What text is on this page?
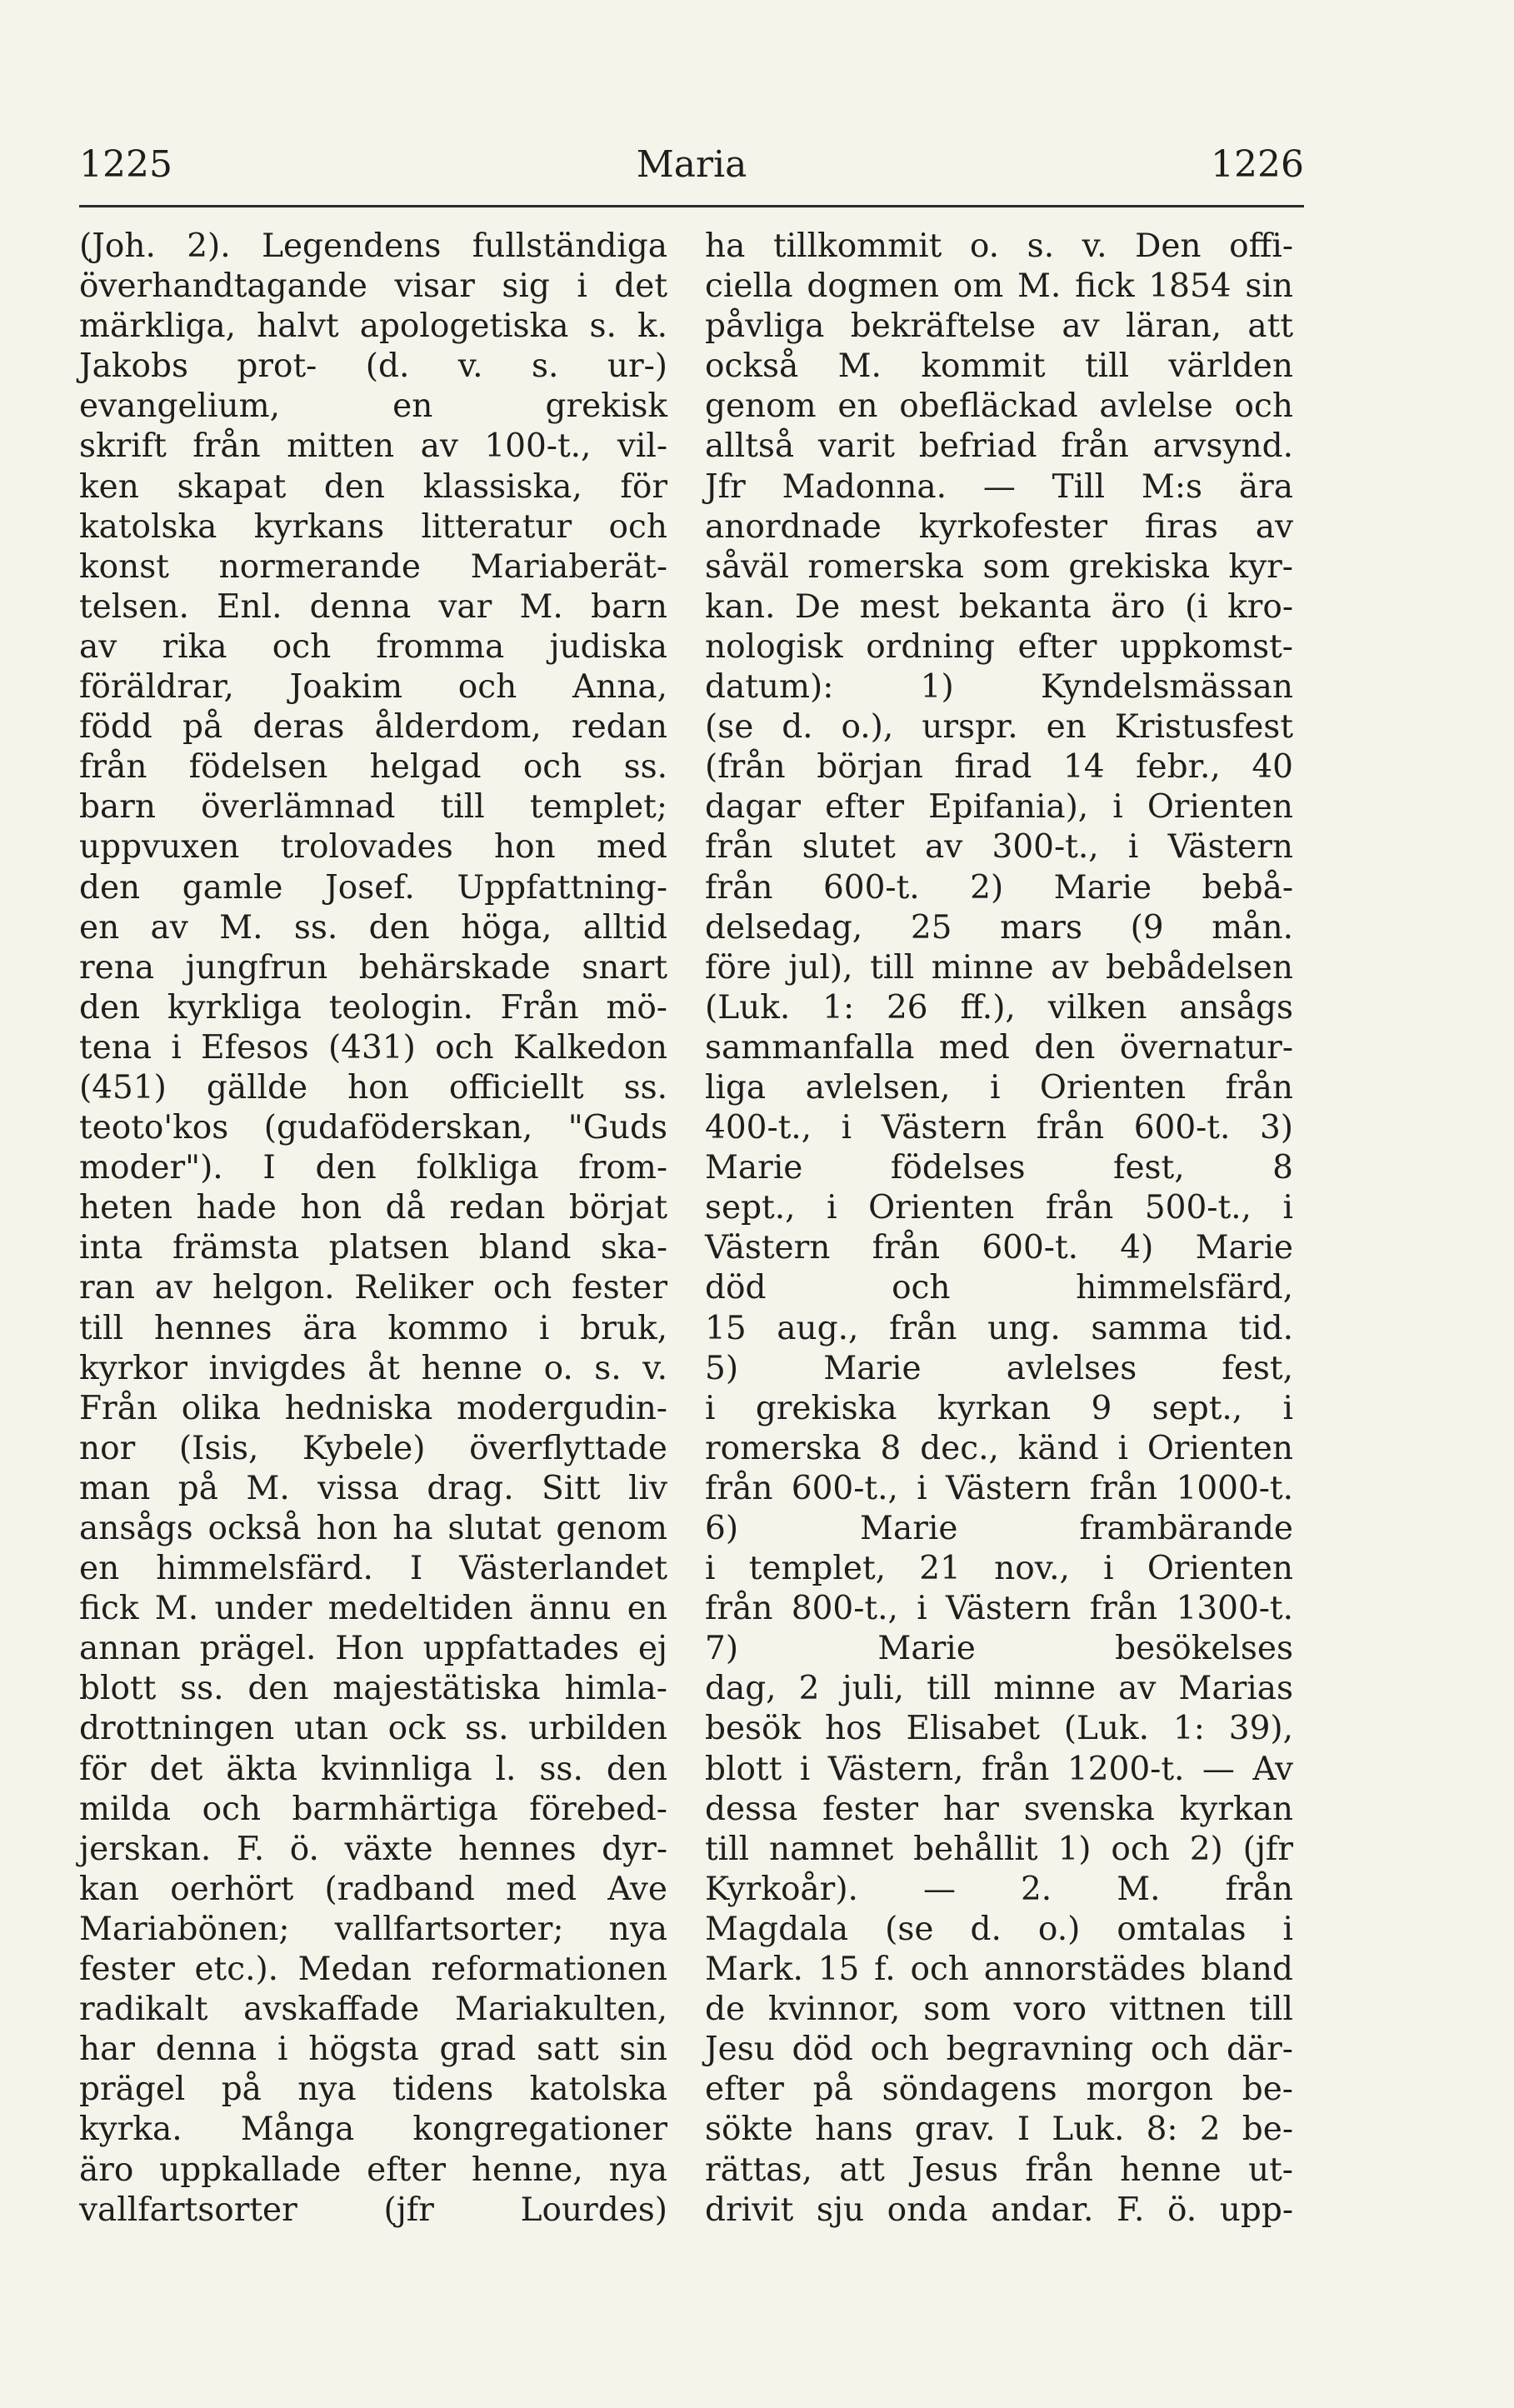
1225	Maria	1226
(Joh. 2). Legendens fullständiga
överhandtagande visar sig i det
märkliga, halvt apologetiska s. k.
Jakobs prot- (d. v. s. ur-)
evangelium, en grekisk
skrift från mitten av 100-t., vil-
ken skapat den klassiska, för
katolska kyrkans litteratur och
konst normerande Mariaberät-
telsen. Enl. denna var M. barn
av rika och fromma judiska
föräldrar, Joakim och Anna,
född på deras ålderdom, redan
från födelsen helgad och ss.
barn överlämnad till templet;
uppvuxen trolovades hon med
den gamle Josef. Uppfattning-
en av M. ss. den höga, alltid
rena jungfrun behärskade snart
den kyrkliga teologin. Från mö-
tena i Efesos (431) och Kalkedon
(451) gällde hon officiellt ss.
teoto'kos (gudaföderskan, "Guds
moder"). I den folkliga from-
heten hade hon då redan börjat
inta främsta platsen bland ska-
ran av helgon. Reliker och fester
till hennes ära kommo i bruk,
kyrkor invigdes åt henne o. s. v.
Från olika hedniska modergudin-
nor (Isis, Kybele) överflyttade
man på M. vissa drag. Sitt liv
ansågs också hon ha slutat genom
en himmelsfärd. I Västerlandet
fick M. under medeltiden ännu en
annan prägel. Hon uppfattades ej
blott ss. den majestätiska himla-
drottningen utan ock ss. urbilden
för det äkta kvinnliga l. ss. den
milda och barmhärtiga förebed-
jerskan. F. ö. växte hennes dyr-
kan oerhört (radband med Ave
Mariabönen; vallfartsorter; nya
fester etc.). Medan reformationen
radikalt avskaffade Mariakulten,
har denna i högsta grad satt sin
prägel på nya tidens katolska
kyrka. Många kongregationer
äro uppkallade efter henne, nya
vallfartsorter (jfr Lourdes)
ha tillkommit o. s. v. Den offi-
ciella dogmen om M. fick 1854 sin
påvliga bekräftelse av läran, att
också M. kommit till världen
genom en obefläckad avlelse och
alltså varit befriad från arvsynd.
Jfr Madonna. — Till M:s ära
anordnade kyrkofester firas av
såväl romerska som grekiska kyr-
kan. De mest bekanta äro (i kro-
nologisk ordning efter uppkomst-
datum): 1) Kyndelsmässan
(se d. o.), urspr. en Kristusfest
(från början firad 14 febr., 40
dagar efter Epifania), i Orienten
från slutet av 300-t., i Västern
från 600-t. 2) Marie bebå-
delsedag, 25 mars (9 mån.
före jul), till minne av bebådelsen
(Luk. 1: 26 ff.), vilken ansågs
sammanfalla med den övernatur-
liga avlelsen, i Orienten från
400-t., i Västern från 600-t. 3)
Marie födelses fest, 8
sept., i Orienten från 500-t., i
Västern från 600-t. 4) Marie
död och himmelsfärd,
15 aug., från ung. samma tid.
5) Marie avlelses fest,
i grekiska kyrkan 9 sept., i
romerska 8 dec., känd i Orienten
från 600-t., i Västern från 1000-t.
6) Marie frambärande
i templet, 21 nov., i Orienten
från 800-t., i Västern från 1300-t.
7) Marie besökelses
dag, 2 juli, till minne av Marias
besök hos Elisabet (Luk. 1: 39),
blott i Västern, från 1200-t. — Av
dessa fester har svenska kyrkan
till namnet behållit 1) och 2) (jfr
Kyrkoår). — 2. M. från
Magdala (se d. o.) omtalas i
Mark. 15 f. och annorstädes bland
de kvinnor, som voro vittnen till
Jesu död och begravning och där-
efter på söndagens morgon be-
sökte hans grav. I Luk. 8: 2 be-
rättas, att Jesus från henne ut-
drivit sju onda andar. F. ö. upp-
